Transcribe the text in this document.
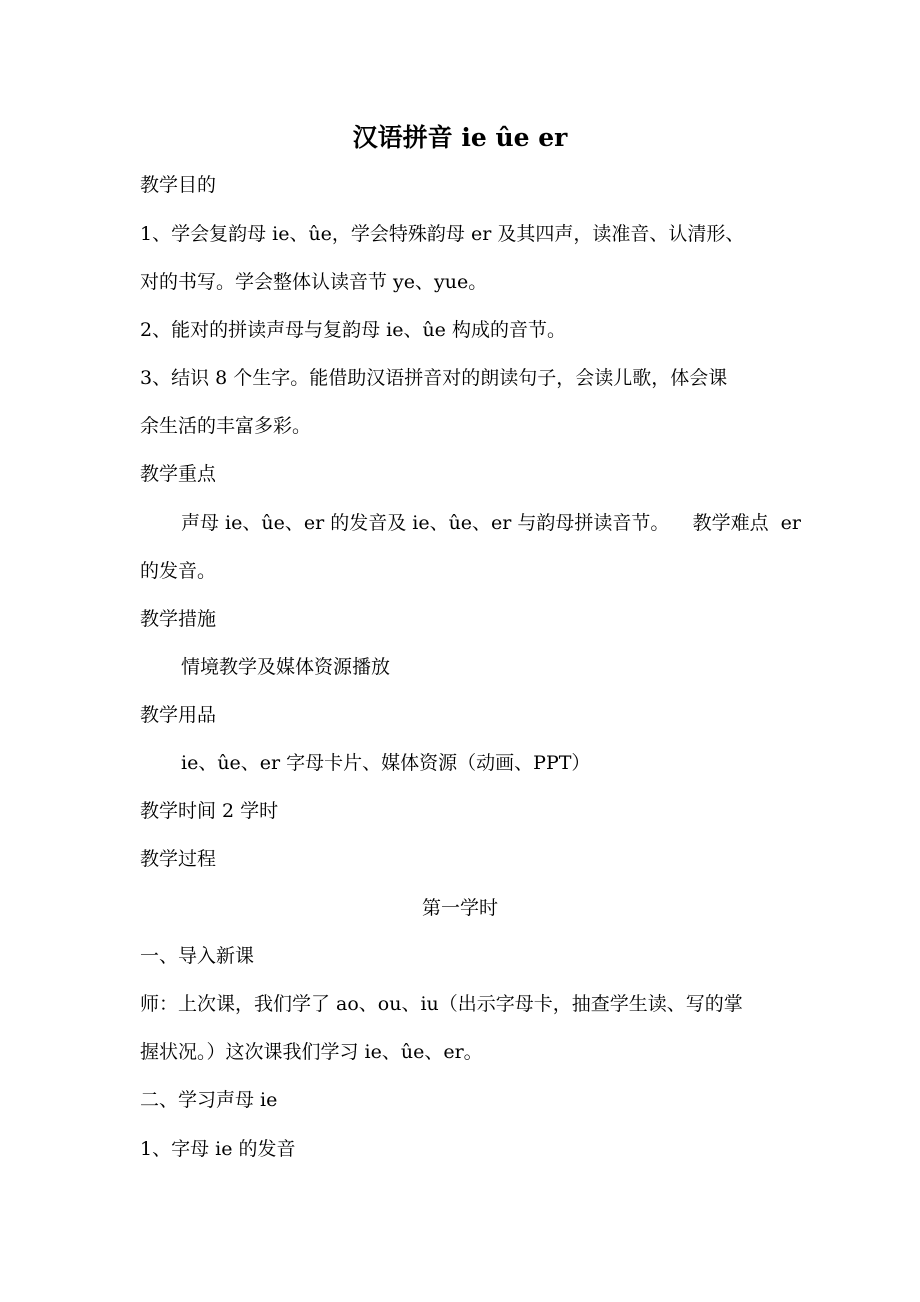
汉语拼音 ie ûe er
教学目的
1、学会复韵母 ie、ûe，学会特殊韵母 er 及其四声，读准音、认清形、
对的书写。学会整体认读音节 ye、yue。
2、能对的拼读声母与复韵母 ie、ûe 构成的音节。
3、结识 8 个生字。能借助汉语拼音对的朗读句子，会读儿歌，体会课
余生活的丰富多彩。
教学重点
声母 ie、ûe、er 的发音及 ie、ûe、er 与韵母拼读音节。 教学难点 er
的发音。
教学措施
情境教学及媒体资源播放
教学用品
ie、ûe、er 字母卡片、媒体资源（动画、PPT）
教学时间 2 学时
教学过程
第一学时
一、导入新课
师：上次课，我们学了 ao、ou、iu（出示字母卡，抽查学生读、写的掌
握状况。）这次课我们学习 ie、ûe、er。
二、学习声母 ie
1、字母 ie 的发音
